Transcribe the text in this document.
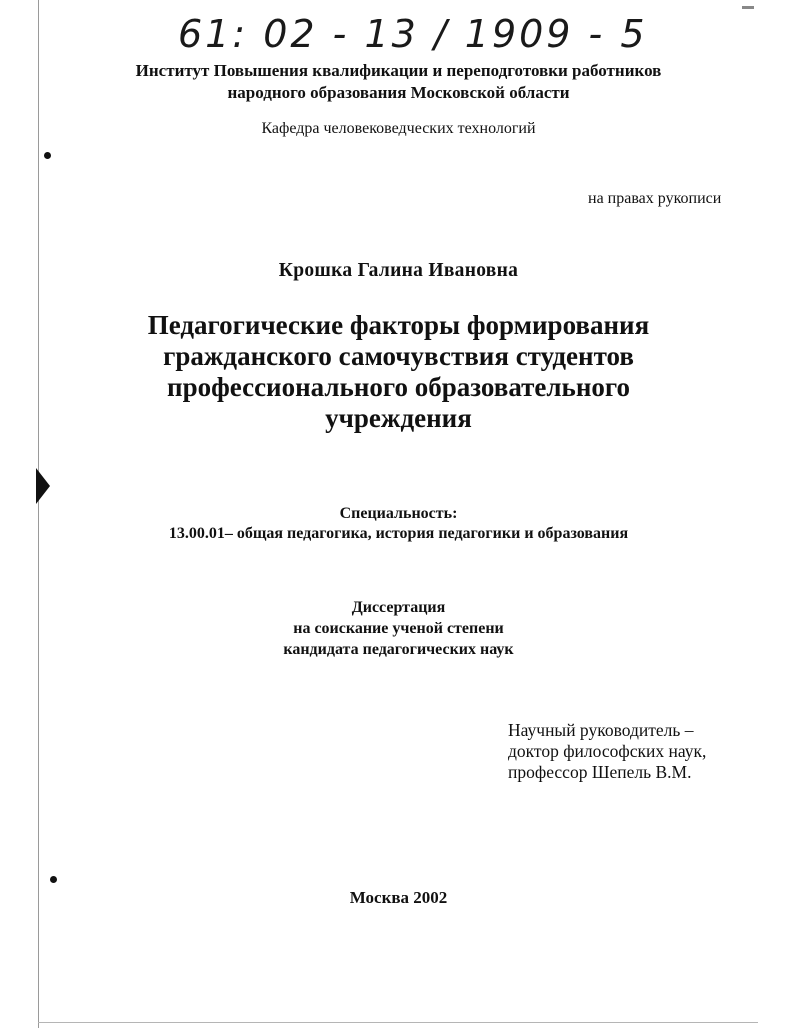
61: 02 - 13 / 1909 - 5
Институт Повышения квалификации и переподготовки работников
народного образования Московской области
Кафедра человековедческих технологий
на правах рукописи
Крошка Галина Ивановна
Педагогические факторы формирования
гражданского самочувствия студентов
профессионального образовательного
учреждения
Специальность:
13.00.01– общая педагогика, история педагогики и образования
Диссертация
на соискание ученой степени
кандидата педагогических наук
Научный руководитель –
доктор философских наук,
профессор Шепель В.М.
Москва 2002
